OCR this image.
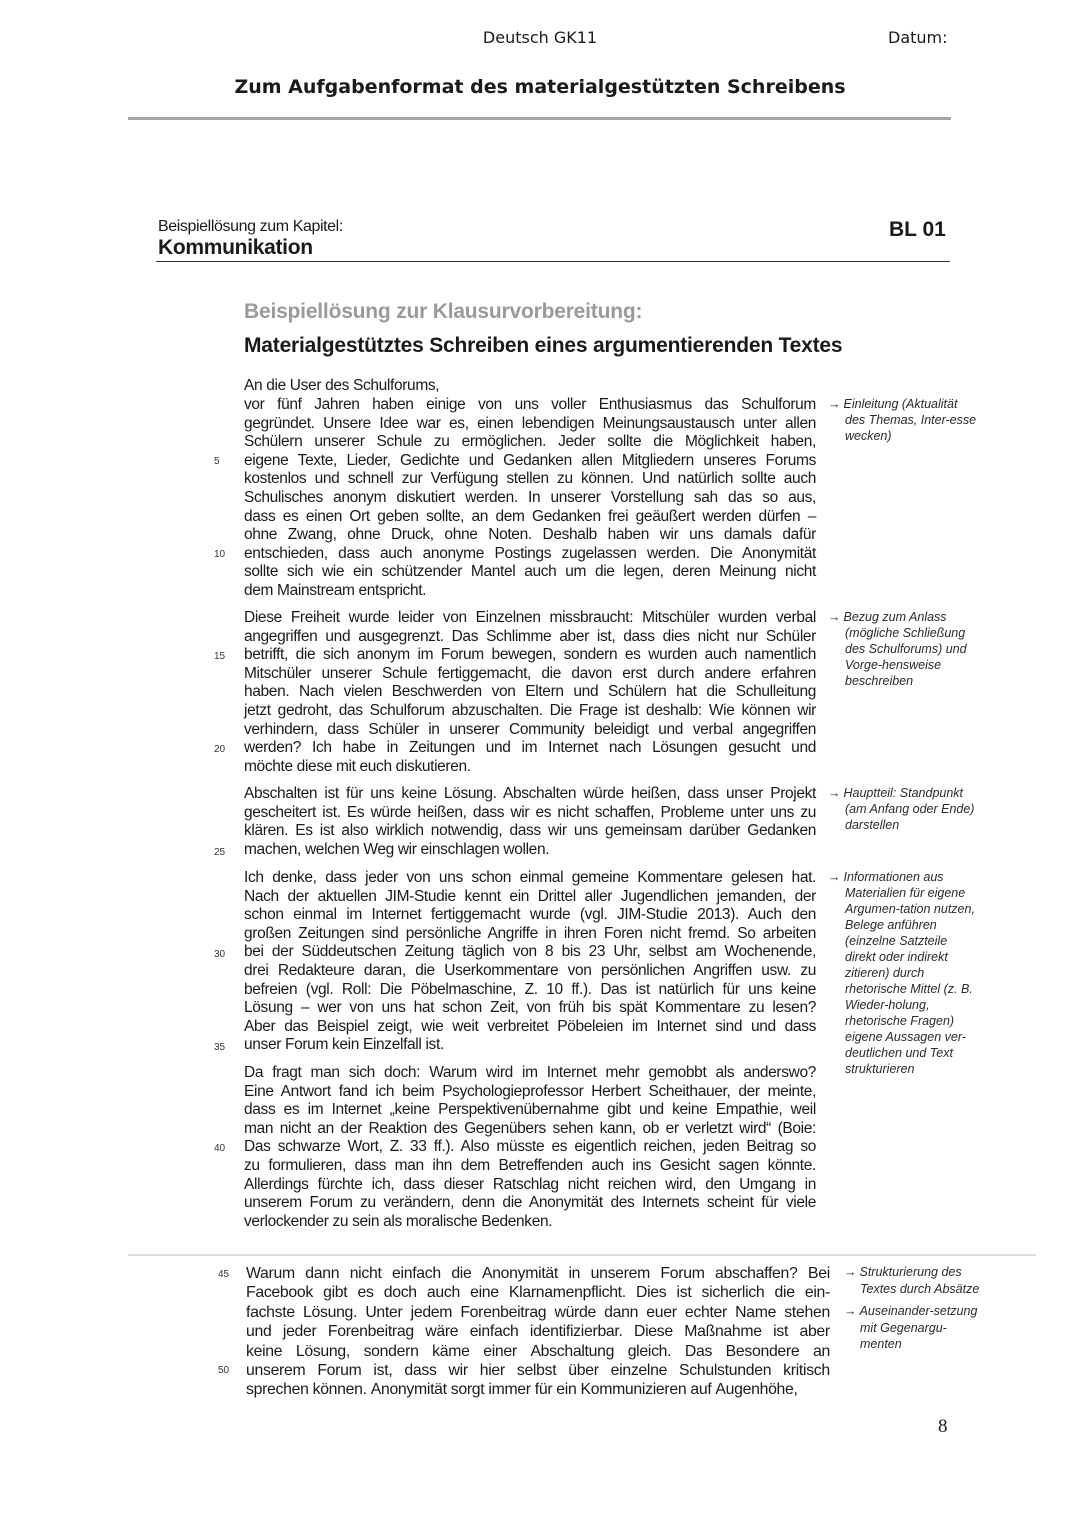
Deutsch GK11	Datum:
Zum Aufgabenformat des materialgestützten Schreibens
Beispiellösung zum Kapitel:
Kommunikation
BL 01
Beispiellösung zur Klausurvorbereitung:
Materialgestütztes Schreiben eines argumentierenden Textes
An die User des Schulforums,
vor fünf Jahren haben einige von uns voller Enthusiasmus das Schulforum
gegründet. Unsere Idee war es, einen lebendigen Meinungsaustausch unter allen
Schülern unserer Schule zu ermöglichen. Jeder sollte die Möglichkeit haben,
eigene Texte, Lieder, Gedichte und Gedanken allen Mitgliedern unseres Forums
kostenlos und schnell zur Verfügung stellen zu können. Und natürlich sollte auch
Schulisches anonym diskutiert werden. In unserer Vorstellung sah das so aus,
dass es einen Ort geben sollte, an dem Gedanken frei geäußert werden dürfen –
ohne Zwang, ohne Druck, ohne Noten. Deshalb haben wir uns damals dafür
entschieden, dass auch anonyme Postings zugelassen werden. Die Anonymität
sollte sich wie ein schützender Mantel auch um die legen, deren Meinung nicht
dem Mainstream entspricht.
Diese Freiheit wurde leider von Einzelnen missbraucht: Mitschüler wurden verbal
angegriffen und ausgegrenzt. Das Schlimme aber ist, dass dies nicht nur Schüler
betrifft, die sich anonym im Forum bewegen, sondern es wurden auch namentlich
Mitschüler unserer Schule fertiggemacht, die davon erst durch andere erfahren
haben. Nach vielen Beschwerden von Eltern und Schülern hat die Schulleitung
jetzt gedroht, das Schulforum abzuschalten. Die Frage ist deshalb: Wie können wir
verhindern, dass Schüler in unserer Community beleidigt und verbal angegriffen
werden? Ich habe in Zeitungen und im Internet nach Lösungen gesucht und
möchte diese mit euch diskutieren.
Abschalten ist für uns keine Lösung. Abschalten würde heißen, dass unser Projekt
gescheitert ist. Es würde heißen, dass wir es nicht schaffen, Probleme unter uns zu
klären. Es ist also wirklich notwendig, dass wir uns gemeinsam darüber Gedanken
machen, welchen Weg wir einschlagen wollen.
Ich denke, dass jeder von uns schon einmal gemeine Kommentare gelesen hat.
Nach der aktuellen JIM-Studie kennt ein Drittel aller Jugendlichen jemanden, der
schon einmal im Internet fertiggemacht wurde (vgl. JIM-Studie 2013). Auch den
großen Zeitungen sind persönliche Angriffe in ihren Foren nicht fremd. So arbeiten
bei der Süddeutschen Zeitung täglich von 8 bis 23 Uhr, selbst am Wochenende,
drei Redakteure daran, die Userkommentare von persönlichen Angriffen usw. zu
befreien (vgl. Roll: Die Pöbelmaschine, Z. 10 ff.). Das ist natürlich für uns keine
Lösung – wer von uns hat schon Zeit, von früh bis spät Kommentare zu lesen?
Aber das Beispiel zeigt, wie weit verbreitet Pöbeleien im Internet sind und dass
unser Forum kein Einzelfall ist.
Da fragt man sich doch: Warum wird im Internet mehr gemobbt als anderswo?
Eine Antwort fand ich beim Psychologieprofessor Herbert Scheithauer, der meinte,
dass es im Internet „keine Perspektivenübernahme gibt und keine Empathie, weil
man nicht an der Reaktion des Gegenübers sehen kann, ob er verletzt wird“ (Boie:
Das schwarze Wort, Z. 33 ff.). Also müsste es eigentlich reichen, jeden Beitrag so
zu formulieren, dass man ihn dem Betreffenden auch ins Gesicht sagen könnte.
Allerdings fürchte ich, dass dieser Ratschlag nicht reichen wird, den Umgang in
unserem Forum zu verändern, denn die Anonymität des Internets scheint für viele
verlockender zu sein als moralische Bedenken.
5
10
15
20
25
30
35
40
45
50
→ Einleitung (Aktualität des Themas, Inter-esse wecken)
→ Bezug zum Anlass (mögliche Schließung des Schulforums) und Vorge-hensweise beschreiben
→ Hauptteil: Standpunkt (am Anfang oder Ende) darstellen
→ Informationen aus Materialien für eigene Argumen-tation nutzen, Belege anführen (einzelne Satzteile direkt oder indirekt zitieren) durch rhetorische Mittel (z. B. Wieder-holung, rhetorische Fragen) eigene Aussagen ver-deutlichen und Text strukturieren
Warum dann nicht einfach die Anonymität in unserem Forum abschaffen? Bei
Facebook gibt es doch auch eine Klarnamenpflicht. Dies ist sicherlich die ein-
fachste Lösung. Unter jedem Forenbeitrag würde dann euer echter Name stehen
und jeder Forenbeitrag wäre einfach identifizierbar. Diese Maßnahme ist aber
keine Lösung, sondern käme einer Abschaltung gleich. Das Besondere an
unserem Forum ist, dass wir hier selbst über einzelne Schulstunden kritisch
sprechen können. Anonymität sorgt immer für ein Kommunizieren auf Augenhöhe,
→ Strukturierung des Textes durch Absätze
→ Auseinander-setzung mit Gegenargu-menten
8
